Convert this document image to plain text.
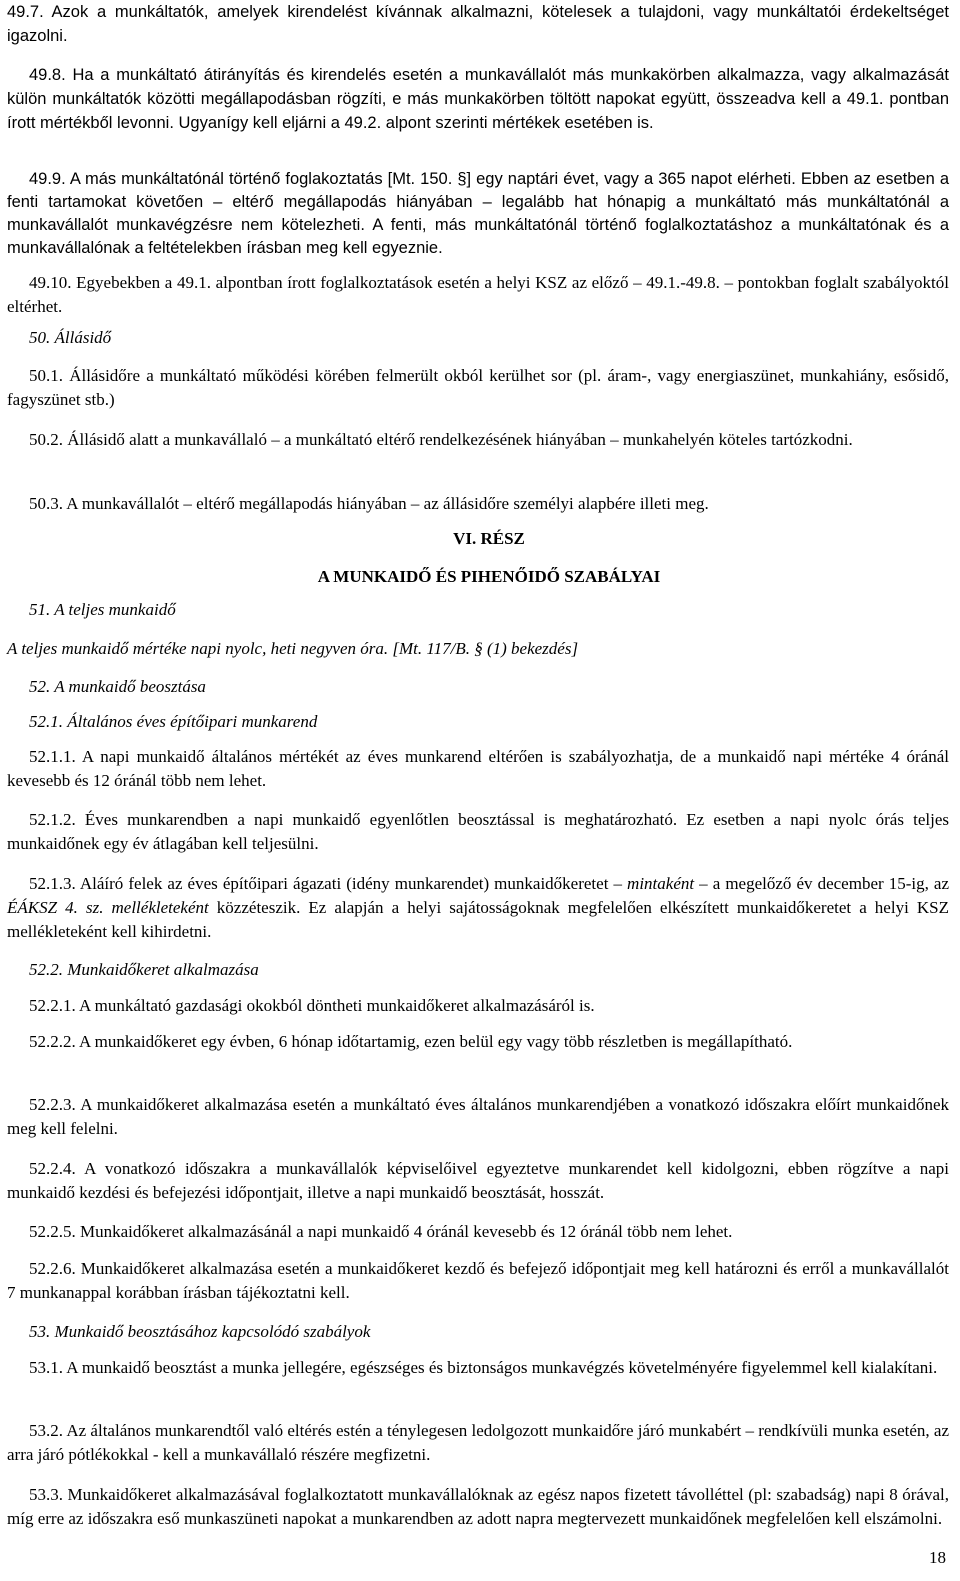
49.7. Azok a munkáltatók, amelyek kirendelést kívánnak alkalmazni, kötelesek a tulajdoni, vagy munkáltatói érdekeltséget igazolni.

49.8. Ha a munkáltató átirányítás és kirendelés esetén a munkavállalót más munkakörben alkalmazza, vagy alkalmazását külön munkáltatók közötti megállapodásban rögzíti, e más munkakörben töltött napokat együtt, összeadva kell a 49.1. pontban írott mértékből levonni. Ugyanígy kell eljárni a 49.2. alpont szerinti mértékek esetében is.

49.9. A más munkáltatónál történő foglakoztatás [Mt. 150. §] egy naptári évet, vagy a 365 napot elérheti. Ebben az esetben a fenti tartamokat követően – eltérő megállapodás hiányában – legalább hat hónapig a munkáltató más munkáltatónál a munkavállalót munkavégzésre nem kötelezheti. A fenti, más munkáltatónál történő foglalkoztatáshoz a munkáltatónak és a munkavállalónak a feltételekben írásban meg kell egyeznie.

49.10. Egyebekben a 49.1. alpontban írott foglalkoztatások esetén a helyi KSZ az előző – 49.1.-49.8. – pontokban foglalt szabályoktól eltérhet.

50. Állásidő

50.1. Állásidőre a munkáltató működési körében felmerült okból kerülhet sor (pl. áram-, vagy energiaszünet, munkahiány, esősidő, fagyszünet stb.)

50.2. Állásidő alatt a munkavállaló – a munkáltató eltérő rendelkezésének hiányában – munkahelyén köteles tartózkodni.

50.3. A munkavállalót – eltérő megállapodás hiányában – az állásidőre személyi alapbére illeti meg.

VI. RÉSZ

A MUNKAIDŐ ÉS PIHENŐIDŐ SZABÁLYAI

51. A teljes munkaidő

A teljes munkaidő mértéke napi nyolc, heti negyven óra. [Mt. 117/B. § (1) bekezdés]

52. A munkaidő beosztása

52.1. Általános éves építőipari munkarend

52.1.1. A napi munkaidő általános mértékét az éves munkarend eltérően is szabályozhatja, de a munkaidő napi mértéke 4 óránál kevesebb és 12 óránál több nem lehet.

52.1.2. Éves munkarendben a napi munkaidő egyenlőtlen beosztással is meghatározható. Ez esetben a napi nyolc órás teljes munkaidőnek egy év átlagában kell teljesülni.

52.1.3. Aláíró felek az éves építőipari ágazati (idény munkarendet) munkaidőkeretet – mintaként – a megelőző év december 15-ig, az ÉÁKSZ 4. sz. mellékleteként közzéteszik. Ez alapján a helyi sajátosságoknak megfelelően elkészített munkaidőkeretet a helyi KSZ mellékleteként kell kihirdetni.

52.2. Munkaidőkeret alkalmazása

52.2.1. A munkáltató gazdasági okokból döntheti munkaidőkeret alkalmazásáról is.

52.2.2. A munkaidőkeret egy évben, 6 hónap időtartamig, ezen belül egy vagy több részletben is megállapítható.

52.2.3. A munkaidőkeret alkalmazása esetén a munkáltató éves általános munkarendjében a vonatkozó időszakra előírt munkaidőnek meg kell felelni.

52.2.4. A vonatkozó időszakra a munkavállalók képviselőivel egyeztetve munkarendet kell kidolgozni, ebben rögzítve a napi munkaidő kezdési és befejezési időpontjait, illetve a napi munkaidő beosztását, hosszát.

52.2.5. Munkaidőkeret alkalmazásánál a napi munkaidő 4 óránál kevesebb és 12 óránál több nem lehet.

52.2.6. Munkaidőkeret alkalmazása esetén a munkaidőkeret kezdő és befejező időpontjait meg kell határozni és erről a munkavállalót 7 munkanappal korábban írásban tájékoztatni kell.

53. Munkaidő beosztásához kapcsolódó szabályok

53.1. A munkaidő beosztást a munka jellegére, egészséges és biztonságos munkavégzés követelményére figyelemmel kell kialakítani.

53.2. Az általános munkarendtől való eltérés estén a ténylegesen ledolgozott munkaidőre járó munkabért – rendkívüli munka esetén, az arra járó pótlékokkal - kell a munkavállaló részére megfizetni.

53.3. Munkaidőkeret alkalmazásával foglalkoztatott munkavállalóknak az egész napos fizetett távolléttel (pl: szabadság) napi 8 órával, míg erre az időszakra eső munkaszüneti napokat a munkarendben az adott napra megtervezett munkaidőnek megfelelően kell elszámolni.

18
